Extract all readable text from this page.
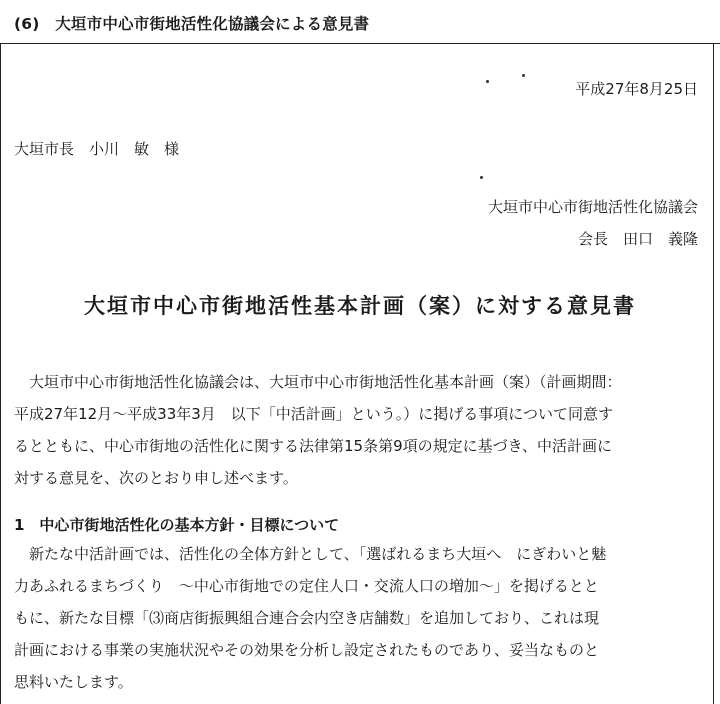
(6)　大垣市中心市街地活性化協議会による意見書
平成27年8月25日
大垣市長　小川　敏　様
大垣市中心市街地活性化協議会
会長　田口　義隆
大垣市中心市街地活性基本計画（案）に対する意見書
　大垣市中心市街地活性化協議会は、大垣市中心市街地活性化基本計画（案）（計画期間：
平成27年12月～平成33年3月　以下「中活計画」という。）に掲げる事項について同意す
るとともに、中心市街地の活性化に関する法律第15条第9項の規定に基づき、中活計画に
対する意見を、次のとおり申し述べます。
1　中心市街地活性化の基本方針・目標について
　新たな中活計画では、活性化の全体方針として、「選ばれるまち大垣へ　にぎわいと魅
力あふれるまちづくり　～中心市街地での定住人口・交流人口の増加～」を掲げるとと
もに、新たな目標「⑶商店街振興組合連合会内空き店舗数」を追加しており、これは現
計画における事業の実施状況やその効果を分析し設定されたものであり、妥当なものと
思料いたします。
